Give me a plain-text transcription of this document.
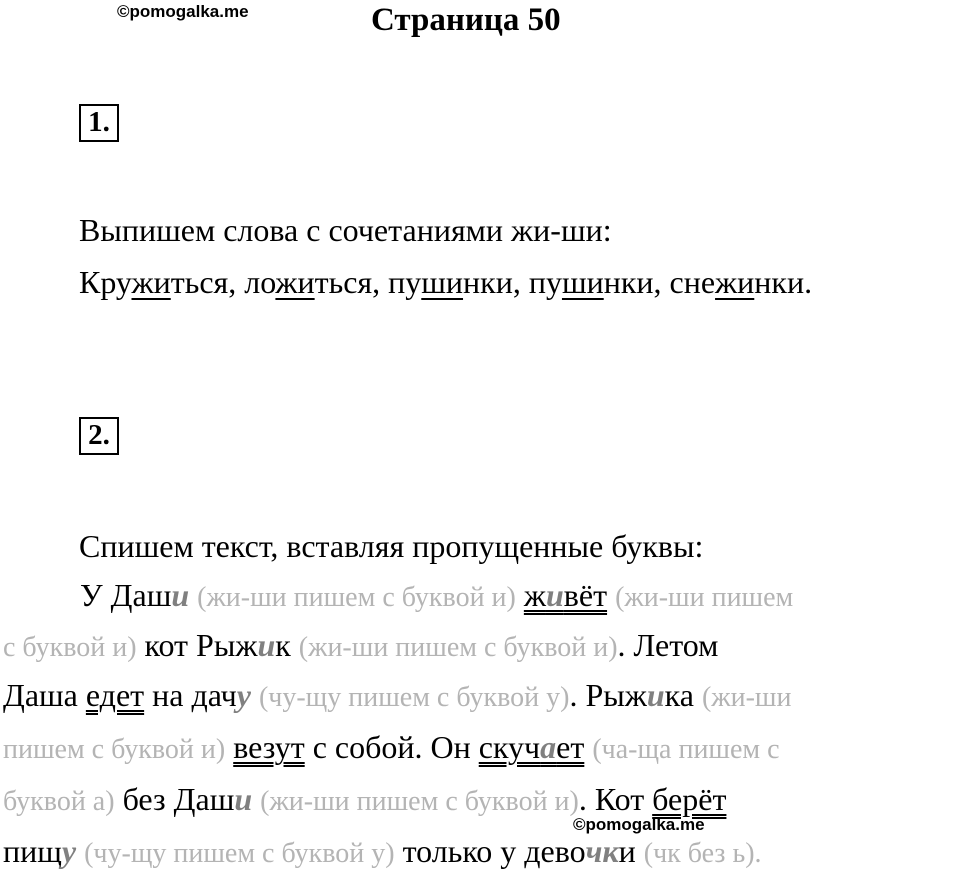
©pomogalka.me	Страница 50
1.
Выпишем слова с сочетаниями жи-ши:
Кружиться, ложиться, пушинки, пушинки, снежинки.
2.
Спишем текст, вставляя пропущенные буквы:
У Даши (жи-ши пишем с буквой и) живёт (жи-ши пишем
с буквой и) кот Рыжик (жи-ши пишем с буквой и). Летом
Даша едет на дачу (чу-щу пишем с буквой у). Рыжика (жи-ши
пишем с буквой и) везут с собой. Он скучает (ча-ща пишем с
буквой а) без Даши (жи-ши пишем с буквой и). Кот берёт
©pomogalka.me
пищу (чу-щу пишем с буквой у) только у девочки (чк без ь).
